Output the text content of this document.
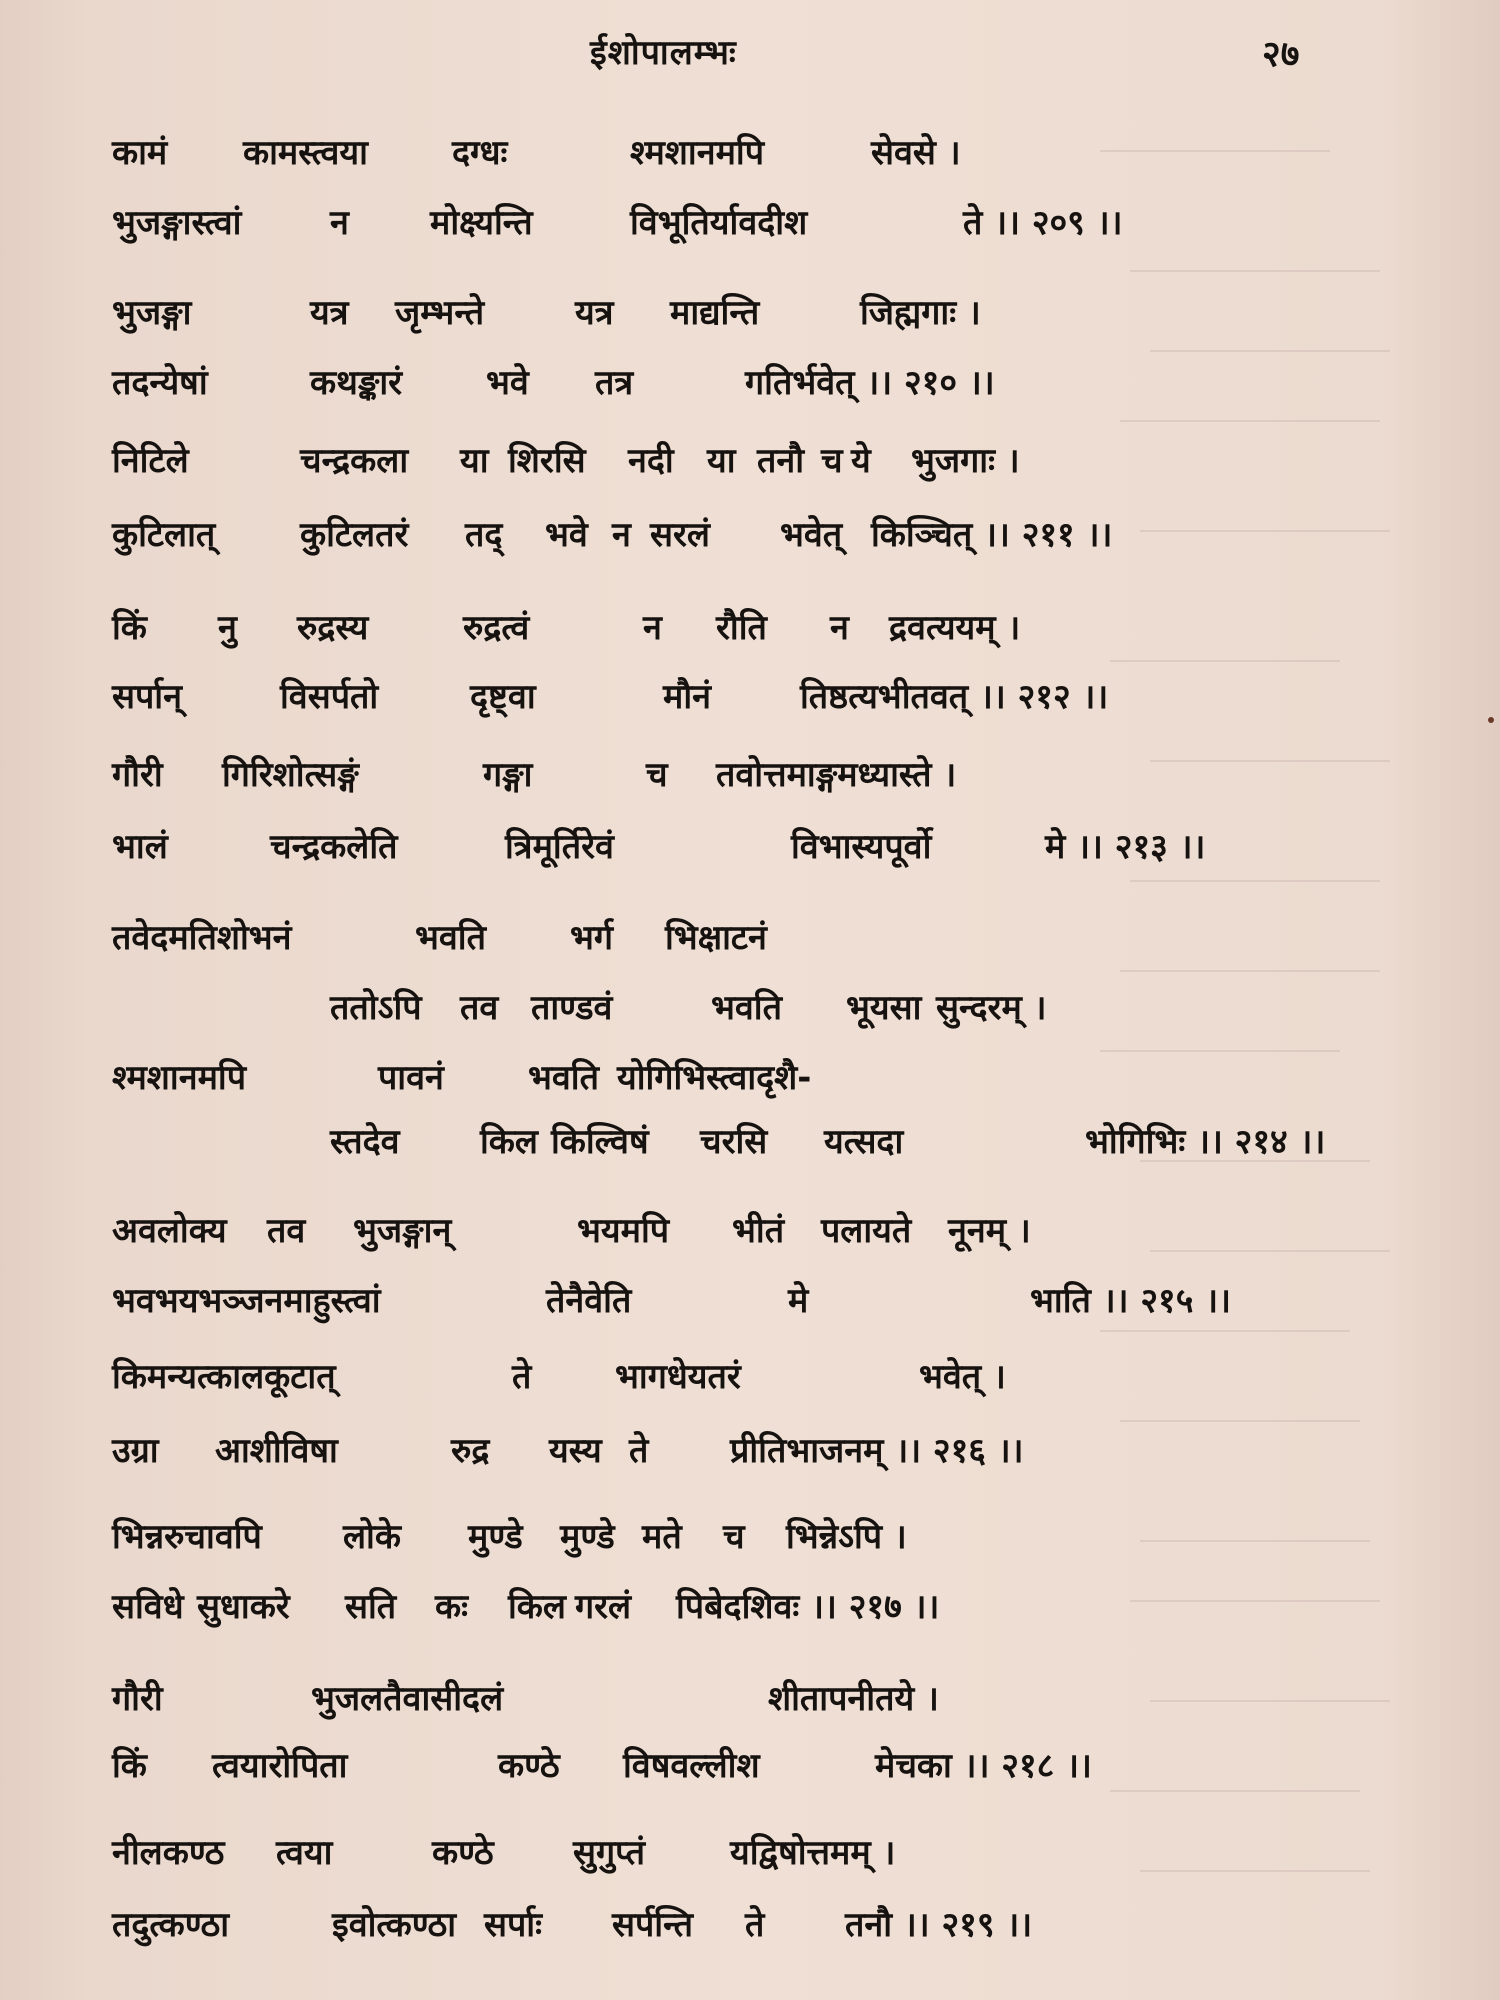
ईशोपालम्भः	२७
कामं कामस्त्वया दग्धः	श्मशानमपि	सेवसे ।
भुजङ्गास्त्वां	न मोक्ष्यन्ति	विभूतिर्यावदीश	ते ।। २०९ ।।
भुजङ्गा	यत्र जृम्भन्ते	यत्र माद्यन्ति	जिह्मगाः ।
तदन्येषां	कथङ्कारं भवे तत्र	गतिर्भवेत् ।। २१० ।।
निटिले	चन्द्रकला या शिरसि नदी या तनौ च ये भुजगाः ।
कुटिलात् कुटिलतरं तद् भवे न सरलं भवेत् किञ्चित् ।। २११ ।।
किं नु रुद्रस्य	रुद्रत्वं	न रौति न द्रवत्ययम् ।
सर्पान्	विसर्पतो	दृष्ट्वा	मौनं	तिष्ठत्यभीतवत् ।। २१२ ।।
गौरी गिरिशोत्सङ्गं	गङ्गा	च तवोत्तमाङ्गमध्यास्ते ।
भालं	चन्द्रकलेति	त्रिमूर्तिरेवं	विभास्यपूर्वो	मे ।। २१३ ।।
तवेदमतिशोभनं	भवति भर्ग भिक्षाटनं
ततोऽपि तव ताण्डवं	भवति भूयसा सुन्दरम् ।
श्मशानमपि	पावनं भवति योगिभिस्त्वादृशै-
स्तदेव किल किल्विषं चरसि यत्सदा	भोगिभिः ।। २१४ ।।
अवलोक्य तव भुजङ्गान्	भयमपि भीतं पलायते नूनम् ।
भवभयभञ्जनमाहुस्त्वां	तेनैवेति	मे	भाति ।। २१५ ।।
किमन्यत्कालकूटात्	ते भागधेयतरं	भवेत् ।
उग्रा आशीविषा	रुद्र यस्य ते प्रीतिभाजनम् ।। २१६ ।।
भिन्नरुचावपि लोके मुण्डे मुण्डे मते च भिन्नेऽपि ।
सविधे सुधाकरे सति कः किल गरलं पिबेदशिवः ।। २१७ ।।
गौरी	भुजलतैवासीदलं	शीतापनीतये ।
किं त्वयारोपिता	कण्ठे विषवल्लीश	मेचका ।। २१८ ।।
नीलकण्ठ त्वया	कण्ठे सुगुप्तं	यद्विषोत्तमम् ।
तदुत्कण्ठा	इवोत्कण्ठा सर्पाः सर्पन्ति ते तनौ ।। २१९ ।।
